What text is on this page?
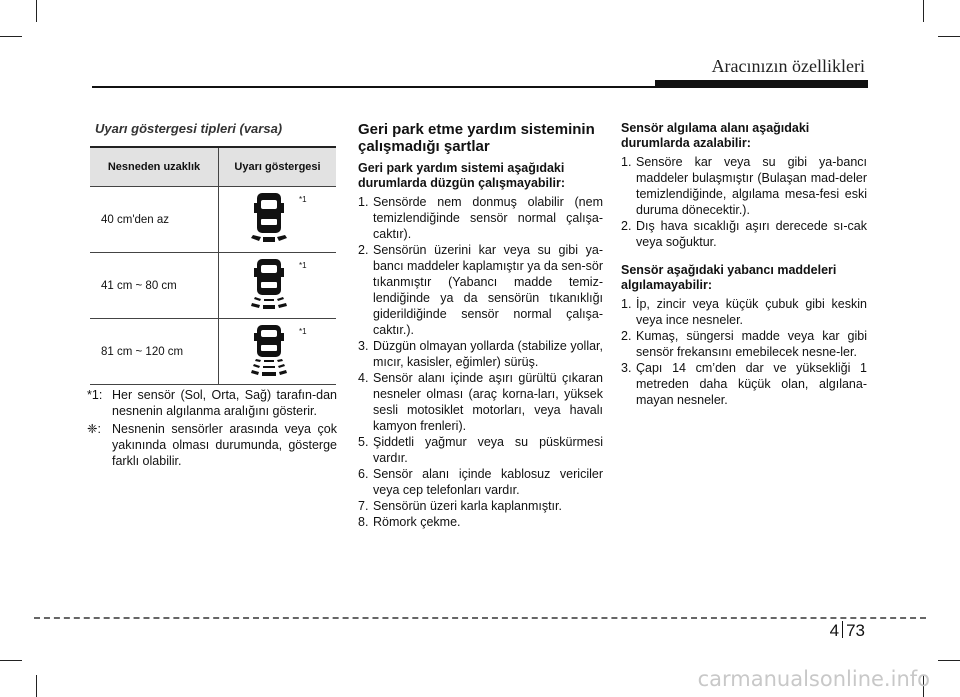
Aracınızın özellikleri
Uyarı göstergesi tipleri (varsa)
Nesneden uzaklık	Uyarı göstergesi
40 cm'den az	*1

41 cm ~ 80 cm	*1

81 cm ~ 120 cm	*1
*1: Her sensör (Sol, Orta, Sağ) tarafın-dan nesnenin algılanma aralığını gösterir.
❈: Nesnenin sensörler arasında veya çok yakınında olması durumunda, gösterge farklı olabilir.
Geri park etme yardım sisteminin çalışmadığı şartlar
Geri park yardım sistemi aşağıdaki durumlarda düzgün çalışmayabilir:
1. Sensörde nem donmuş olabilir (nem temizlendiğinde sensör normal çalışa-caktır).
2. Sensörün üzerini kar veya su gibi ya-bancı maddeler kaplamıştır ya da sen-sör tıkanmıştır (Yabancı madde temiz-lendiğinde ya da sensörün tıkanıklığı giderildiğinde sensör normal çalışa-caktır.).
3. Düzgün olmayan yollarda (stabilize yollar, mıcır, kasisler, eğimler) sürüş.
4. Sensör alanı içinde aşırı gürültü çıkaran nesneler olması (araç korna-ları, yüksek sesli motosiklet motorları, veya havalı kamyon frenleri).
5. Şiddetli yağmur veya su püskürmesi vardır.
6. Sensör alanı içinde kablosuz vericiler veya cep telefonları vardır.
7. Sensörün üzeri karla kaplanmıştır.
8. Römork çekme.
Sensör algılama alanı aşağıdaki durumlarda azalabilir:
1. Sensöre kar veya su gibi ya-bancı maddeler bulaşmıştır (Bulaşan mad-deler temizlendiğinde, algılama mesa-fesi eski duruma dönecektir.).
2. Dış hava sıcaklığı aşırı derecede sı-cak veya soğuktur.
Sensör aşağıdaki yabancı maddeleri algılamayabilir:
1. İp, zincir veya küçük çubuk gibi keskin veya ince nesneler.
2. Kumaş, süngersi madde veya kar gibi sensör frekansını emebilecek nesne-ler.
3. Çapı 14 cm’den dar ve yüksekliği 1 metreden daha küçük olan, algılana-mayan nesneler.
4 73
carmanualsonline.info
